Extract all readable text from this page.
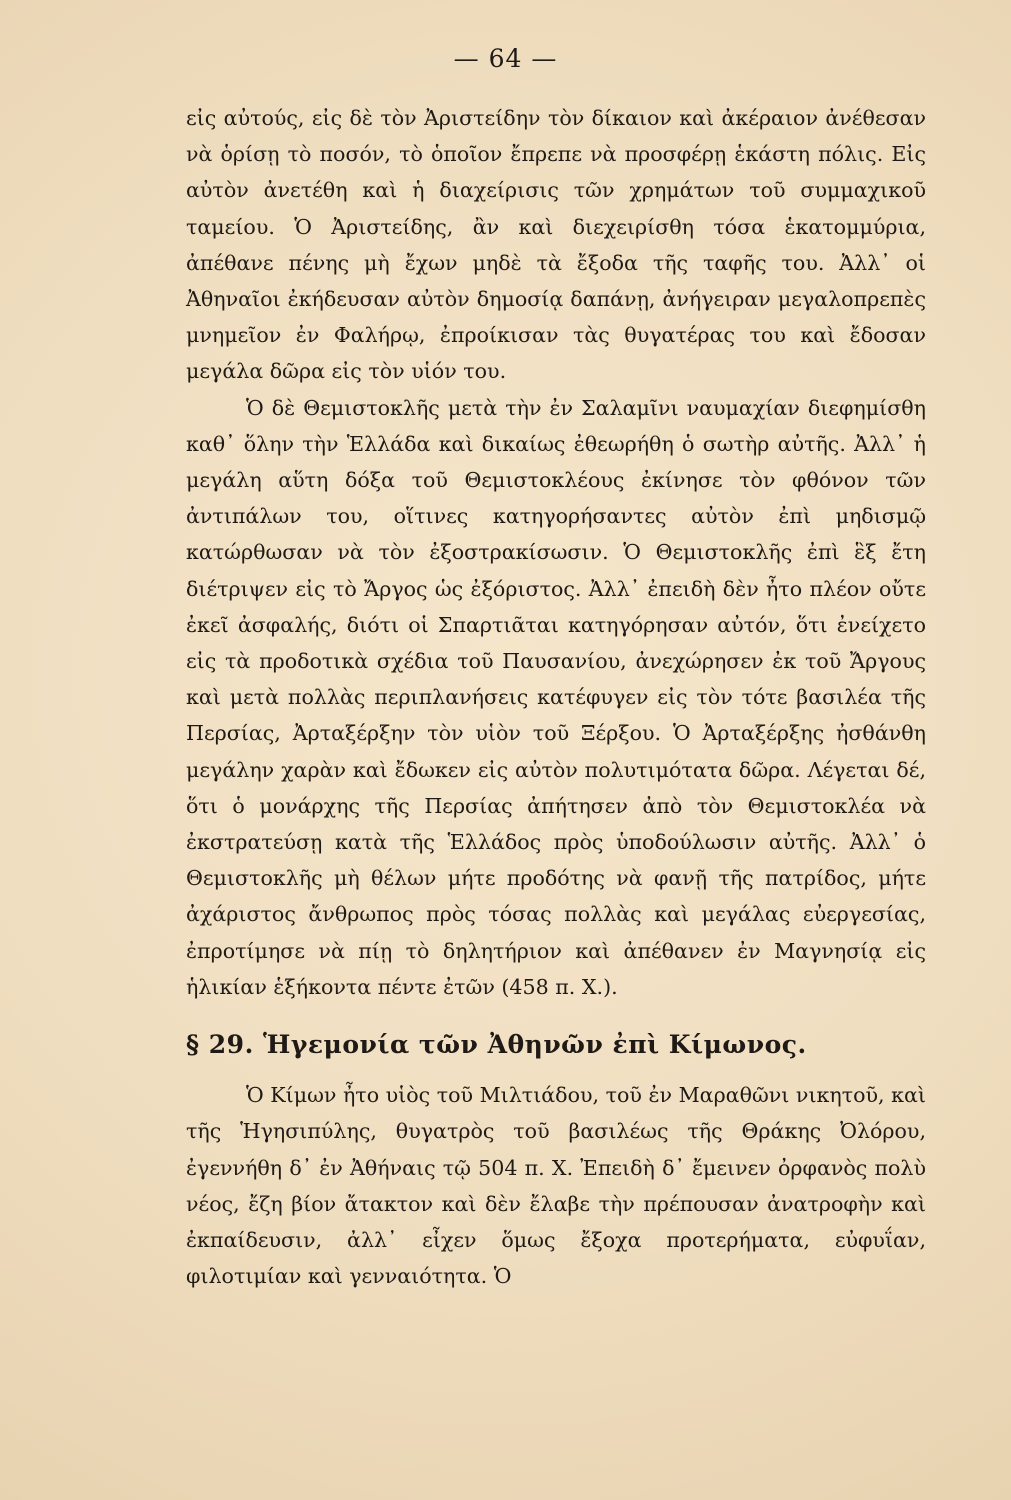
— 64 —

εἰς αὐτούς, εἰς δὲ τὸν Ἀριστείδην τὸν δίκαιον καὶ ἀκέραιον ἀνέθεσαν νὰ ὁρίσῃ τὸ ποσόν, τὸ ὁποῖον ἔπρεπε νὰ προσφέρῃ ἑκάστη πόλις. Εἰς αὐτὸν ἀνετέθη καὶ ἡ διαχείρισις τῶν χρημάτων τοῦ συμμαχικοῦ ταμείου. Ὁ Ἀριστείδης, ἂν καὶ διεχειρίσθη τόσα ἑκατομμύρια, ἀπέθανε πένης μὴ ἔχων μηδὲ τὰ ἔξοδα τῆς ταφῆς του. Ἀλλ᾽ οἱ Ἀθηναῖοι ἐκήδευσαν αὐτὸν δημοσίᾳ δαπάνῃ, ἀνήγειραν μεγαλοπρεπὲς μνημεῖον ἐν Φαλήρῳ, ἐπροίκισαν τὰς θυγατέρας του καὶ ἔδοσαν μεγάλα δῶρα εἰς τὸν υἱόν του.

Ὁ δὲ Θεμιστοκλῆς μετὰ τὴν ἐν Σαλαμῖνι ναυμαχίαν διεφημίσθη καθ᾽ ὅλην τὴν Ἑλλάδα καὶ δικαίως ἐθεωρήθη ὁ σωτὴρ αὐτῆς. Ἀλλ᾽ ἡ μεγάλη αὕτη δόξα τοῦ Θεμιστοκλέους ἐκίνησε τὸν φθόνον τῶν ἀντιπάλων του, οἵτινες κατηγορήσαντες αὐτὸν ἐπὶ μηδισμῷ κατώρθωσαν νὰ τὸν ἐξοστρακίσωσιν. Ὁ Θεμιστοκλῆς ἐπὶ ἓξ ἔτη διέτριψεν εἰς τὸ Ἄργος ὡς ἐξόριστος. Ἀλλ᾽ ἐπειδὴ δὲν ἦτο πλέον οὔτε ἐκεῖ ἀσφαλής, διότι οἱ Σπαρτιᾶται κατηγόρησαν αὐτόν, ὅτι ἐνείχετο εἰς τὰ προδοτικὰ σχέδια τοῦ Παυσανίου, ἀνεχώρησεν ἐκ τοῦ Ἄργους καὶ μετὰ πολλὰς περιπλανήσεις κατέφυγεν εἰς τὸν τότε βασιλέα τῆς Περσίας, Ἀρταξέρξην τὸν υἱὸν τοῦ Ξέρξου. Ὁ Ἀρταξέρξης ἠσθάνθη μεγάλην χαρὰν καὶ ἔδωκεν εἰς αὐτὸν πολυτιμότατα δῶρα. Λέγεται δέ, ὅτι ὁ μονάρχης τῆς Περσίας ἀπήτησεν ἀπὸ τὸν Θεμιστοκλέα νὰ ἐκστρατεύσῃ κατὰ τῆς Ἑλλάδος πρὸς ὑποδούλωσιν αὐτῆς. Ἀλλ᾽ ὁ Θεμιστοκλῆς μὴ θέλων μήτε προδότης νὰ φανῇ τῆς πατρίδος, μήτε ἀχάριστος ἄνθρωπος πρὸς τόσας πολλὰς καὶ μεγάλας εὐεργεσίας, ἐπροτίμησε νὰ πίῃ τὸ δηλητήριον καὶ ἀπέθανεν ἐν Μαγνησίᾳ εἰς ἡλικίαν ἑξήκοντα πέντε ἐτῶν (458 π. Χ.).

§ 29. Ἡγεμονία τῶν Ἀθηνῶν ἐπὶ Κίμωνος.

Ὁ Κίμων ἦτο υἱὸς τοῦ Μιλτιάδου, τοῦ ἐν Μαραθῶνι νικητοῦ, καὶ τῆς Ἡγησιπύλης, θυγατρὸς τοῦ βασιλέως τῆς Θράκης Ὀλόρου, ἐγεννήθη δ᾽ ἐν Ἀθήναις τῷ 504 π. Χ. Ἐπειδὴ δ᾽ ἔμεινεν ὀρφανὸς πολὺ νέος, ἔζη βίον ἄτακτον καὶ δὲν ἔλαβε τὴν πρέπουσαν ἀνατροφὴν καὶ ἐκπαίδευσιν, ἀλλ᾽ εἶχεν ὅμως ἔξοχα προτερήματα, εὐφυΐαν, φιλοτιμίαν καὶ γενναιότητα. Ὁ
